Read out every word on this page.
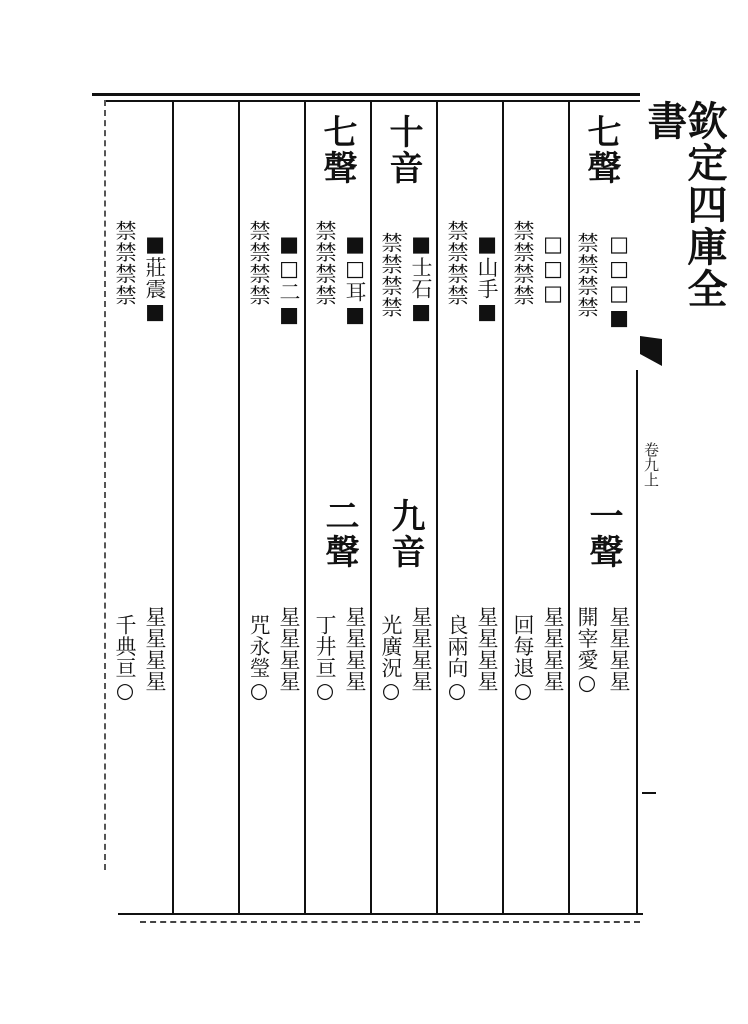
欽定四庫全書
卷九上
七聲
□□□■
禁禁禁禁
一聲
星星星星
開宰愛○
□□□
禁禁禁禁
星星星星
回每退○
■山手■
禁禁禁禁
星星星星
良兩向○
十音
■士石■
禁禁禁禁
九音
星星星星
光廣況○
七聲
■□耳■
禁禁禁禁
二聲
星星星星
丁井亘○
■□二■
禁禁禁禁
星星星星
咒永瑩○
■莊震■
禁禁禁禁
星星星星
千典亘○
